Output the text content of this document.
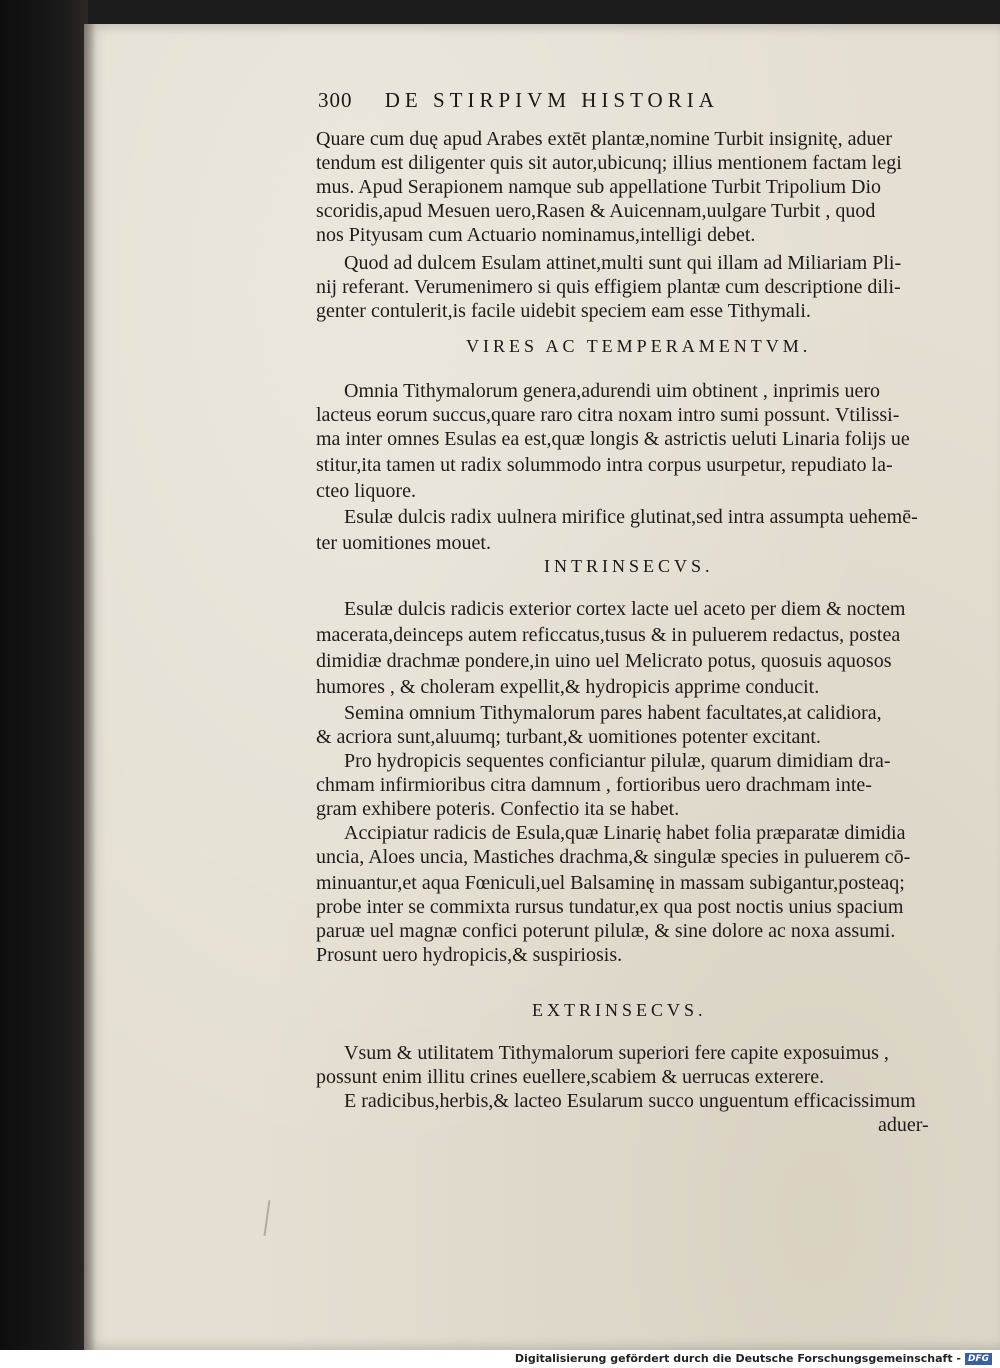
300 DE STIRPIVM HISTORIA
Quare cum duę apud Arabes extēt plantæ,nomine Turbit insignitę, aduer
tendum est diligenter quis sit autor,ubicunq; illius mentionem factam legi
mus. Apud Serapionem namque sub appellatione Turbit Tripolium Dio
scoridis,apud Mesuen uero,Rasen & Auicennam,uulgare Turbit , quod
nos Pityusam cum Actuario nominamus,intelligi debet.
Quod ad dulcem Esulam attinet,multi sunt qui illam ad Miliariam Pli-
nij referant. Verumenimero si quis effigiem plantæ cum descriptione dili-
genter contulerit,is facile uidebit speciem eam esse Tithymali.
VIRES AC TEMPERAMENTVM.
Omnia Tithymalorum genera,adurendi uim obtinent , inprimis uero
lacteus eorum succus,quare raro citra noxam intro sumi possunt. Vtilissi-
ma inter omnes Esulas ea est,quæ longis & astrictis ueluti Linaria folijs ue
stitur,ita tamen ut radix solummodo intra corpus usurpetur, repudiato la-
cteo liquore.
Esulæ dulcis radix uulnera mirifice glutinat,sed intra assumpta uehemē-
ter uomitiones mouet.
INTRINSECVS.
Esulæ dulcis radicis exterior cortex lacte uel aceto per diem & noctem
macerata,deinceps autem reficcatus,tusus & in puluerem redactus, postea
dimidiæ drachmæ pondere,in uino uel Melicrato potus, quosuis aquosos
humores , & choleram expellit,& hydropicis apprime conducit.
Semina omnium Tithymalorum pares habent facultates,at calidiora,
& acriora sunt,aluumq; turbant,& uomitiones potenter excitant.
Pro hydropicis sequentes conficiantur pilulæ, quarum dimidiam dra-
chmam infirmioribus citra damnum , fortioribus uero drachmam inte-
gram exhibere poteris. Confectio ita se habet.
Accipiatur radicis de Esula,quæ Linarię habet folia præparatæ dimidia
uncia, Aloes uncia, Mastiches drachma,& singulæ species in puluerem cō-
minuantur,et aqua Fœniculi,uel Balsaminę in massam subigantur,posteaq;
probe inter se commixta rursus tundatur,ex qua post noctis unius spacium
paruæ uel magnæ confici poterunt pilulæ, & sine dolore ac noxa assumi.
Prosunt uero hydropicis,& suspiriosis.
EXTRINSECVS.
Vsum & utilitatem Tithymalorum superiori fere capite exposuimus ,
possunt enim illitu crines euellere,scabiem & uerrucas exterere.
E radicibus,herbis,& lacteo Esularum succo unguentum efficacissimum
aduer-
Digitalisierung gefördert durch die Deutsche Forschungsgemeinschaft - DFG
